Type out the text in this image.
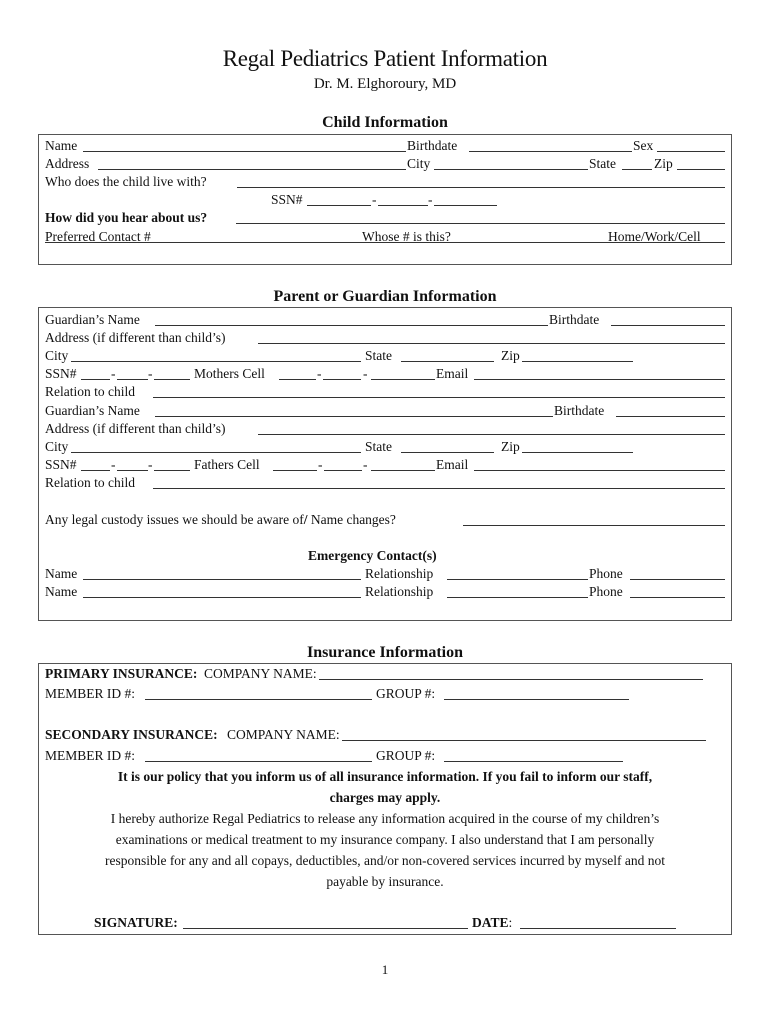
Regal Pediatrics Patient Information
Dr. M. Elghoroury, MD
Child Information
Name	Birthdate	Sex
Address	City	State	Zip
Who does the child live with?
SSN#	-	-
How did you hear about us?
Preferred Contact #	Whose # is this?	Home/Work/Cell
Parent or Guardian Information
Guardian’s Name	Birthdate
Address (if different than child’s)
City	State	Zip
SSN#	- -	Mothers Cell	-	-	Email
Relation to child
Guardian’s Name	Birthdate
Address (if different than child’s)
City	State	Zip
SSN#	- -	Fathers Cell	-	-	Email
Relation to child
Any legal custody issues we should be aware of/ Name changes?
Emergency Contact(s)
Name	Relationship	Phone
Name	Relationship	Phone
Insurance Information
PRIMARY INSURANCE: COMPANY NAME:
MEMBER ID #:	GROUP #:
SECONDARY INSURANCE: COMPANY NAME:
MEMBER ID #:	GROUP #:
It is our policy that you inform us of all insurance information. If you fail to inform our staff,
charges may apply.
I hereby authorize Regal Pediatrics to release any information acquired in the course of my children’s
examinations or medical treatment to my insurance company. I also understand that I am personally
responsible for any and all copays, deductibles, and/or non-covered services incurred by myself and not
payable by insurance.
SIGNATURE:	DATE:
1
